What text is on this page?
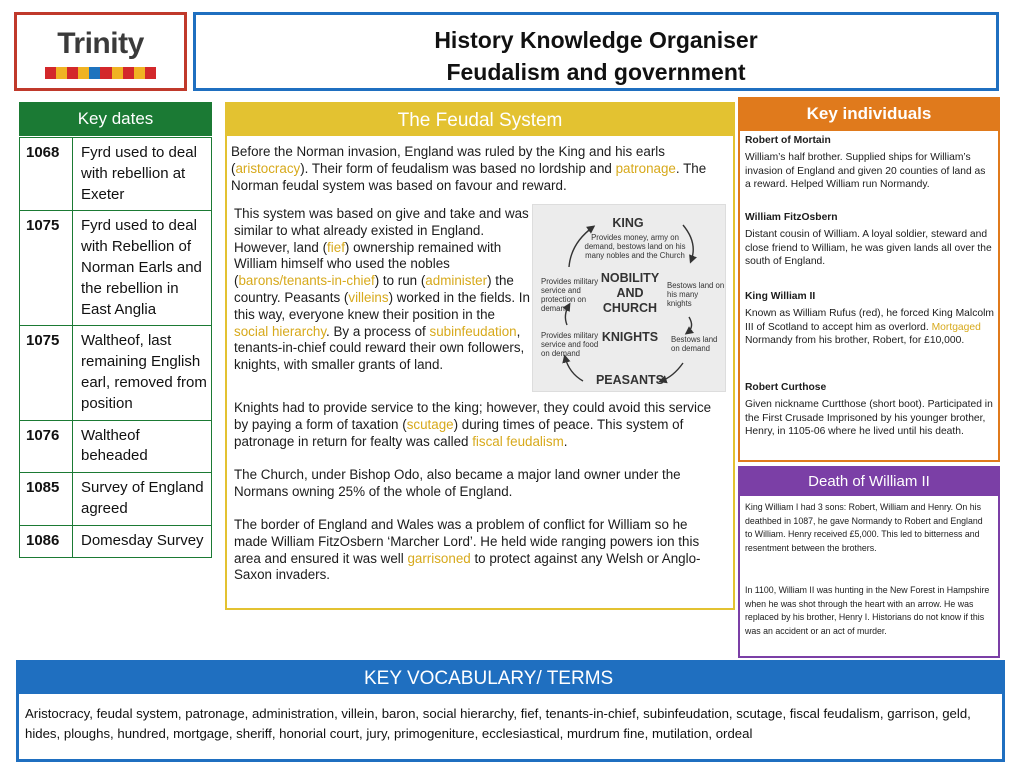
Trinity	History Knowledge Organiser
Feudalism and government
Key dates
1068	Fyrd used to deal with rebellion at Exeter
1075	Fyrd used to deal with Rebellion of Norman Earls and the rebellion in East Anglia
1075	Waltheof, last remaining English earl, removed from position
1076	Waltheof beheaded
1085	Survey of England agreed
1086	Domesday Survey
The Feudal System
Before the Norman invasion, England was ruled by the King and his earls (aristocracy). Their form of feudalism was based no lordship and patronage. The Norman feudal system was based on favour and reward.
This system was based on give and take and was similar to what already existed in England. However, land (fief) ownership remained with William himself who used the nobles (barons/tenants-in-chief) to run (administer) the country. Peasants (villeins) worked in the fields. In this way, everyone knew their position in the social hierarchy. By a process of subinfeudation, tenants-in-chief could reward their own followers, knights, with smaller grants of land.
KING
Provides money, army on demand, bestows land on his many nobles and the Church
NOBILITY AND CHURCH
Provides military service and protection on demand
Bestows land on his many knights
KNIGHTS
Provides military service and food on demand
Bestows land on demand
PEASANTS
Knights had to provide service to the king; however, they could avoid this service by paying a form of taxation (scutage) during times of peace. This system of patronage in return for fealty was called fiscal feudalism.
The Church, under Bishop Odo, also became a major land owner under the Normans owning 25% of the whole of England.
The border of England and Wales was a problem of conflict for William so he made William FitzOsbern ‘Marcher Lord’. He held wide ranging powers ion this area and ensured it was well garrisoned to protect against any Welsh or Anglo-Saxon invaders.
Key individuals
Robert of Mortain
William’s half brother. Supplied ships for William’s invasion of England and given 20 counties of land as a reward. Helped William run Normandy.
William FitzOsbern
Distant cousin of William. A loyal soldier, steward and close friend to William, he was given lands all over the south of England.
King William II
Known as William Rufus (red), he forced King Malcolm III of Scotland to accept him as overlord. Mortgaged Normandy from his brother, Robert, for £10,000.
Robert Curthose
Given nickname Curtthose (short boot). Participated in the First Crusade Imprisoned by his younger brother, Henry, in 1105-06 where he lived until his death.
Death of William II
King William I had 3 sons: Robert, William and Henry. On his deathbed in 1087, he gave Normandy to Robert and England to William. Henry received £5,000. This led to bitterness and resentment between the brothers.
In 1100, William II was hunting in the New Forest in Hampshire when he was shot through the heart with an arrow. He was replaced by his brother, Henry I. Historians do not know if this was an accident or an act of murder.
KEY VOCABULARY/ TERMS
Aristocracy, feudal system, patronage, administration, villein, baron, social hierarchy, fief, tenants-in-chief, subinfeudation, scutage, fiscal feudalism, garrison, geld, hides, ploughs, hundred, mortgage, sheriff, honorial court, jury, primogeniture, ecclesiastical, murdrum fine, mutilation, ordeal
